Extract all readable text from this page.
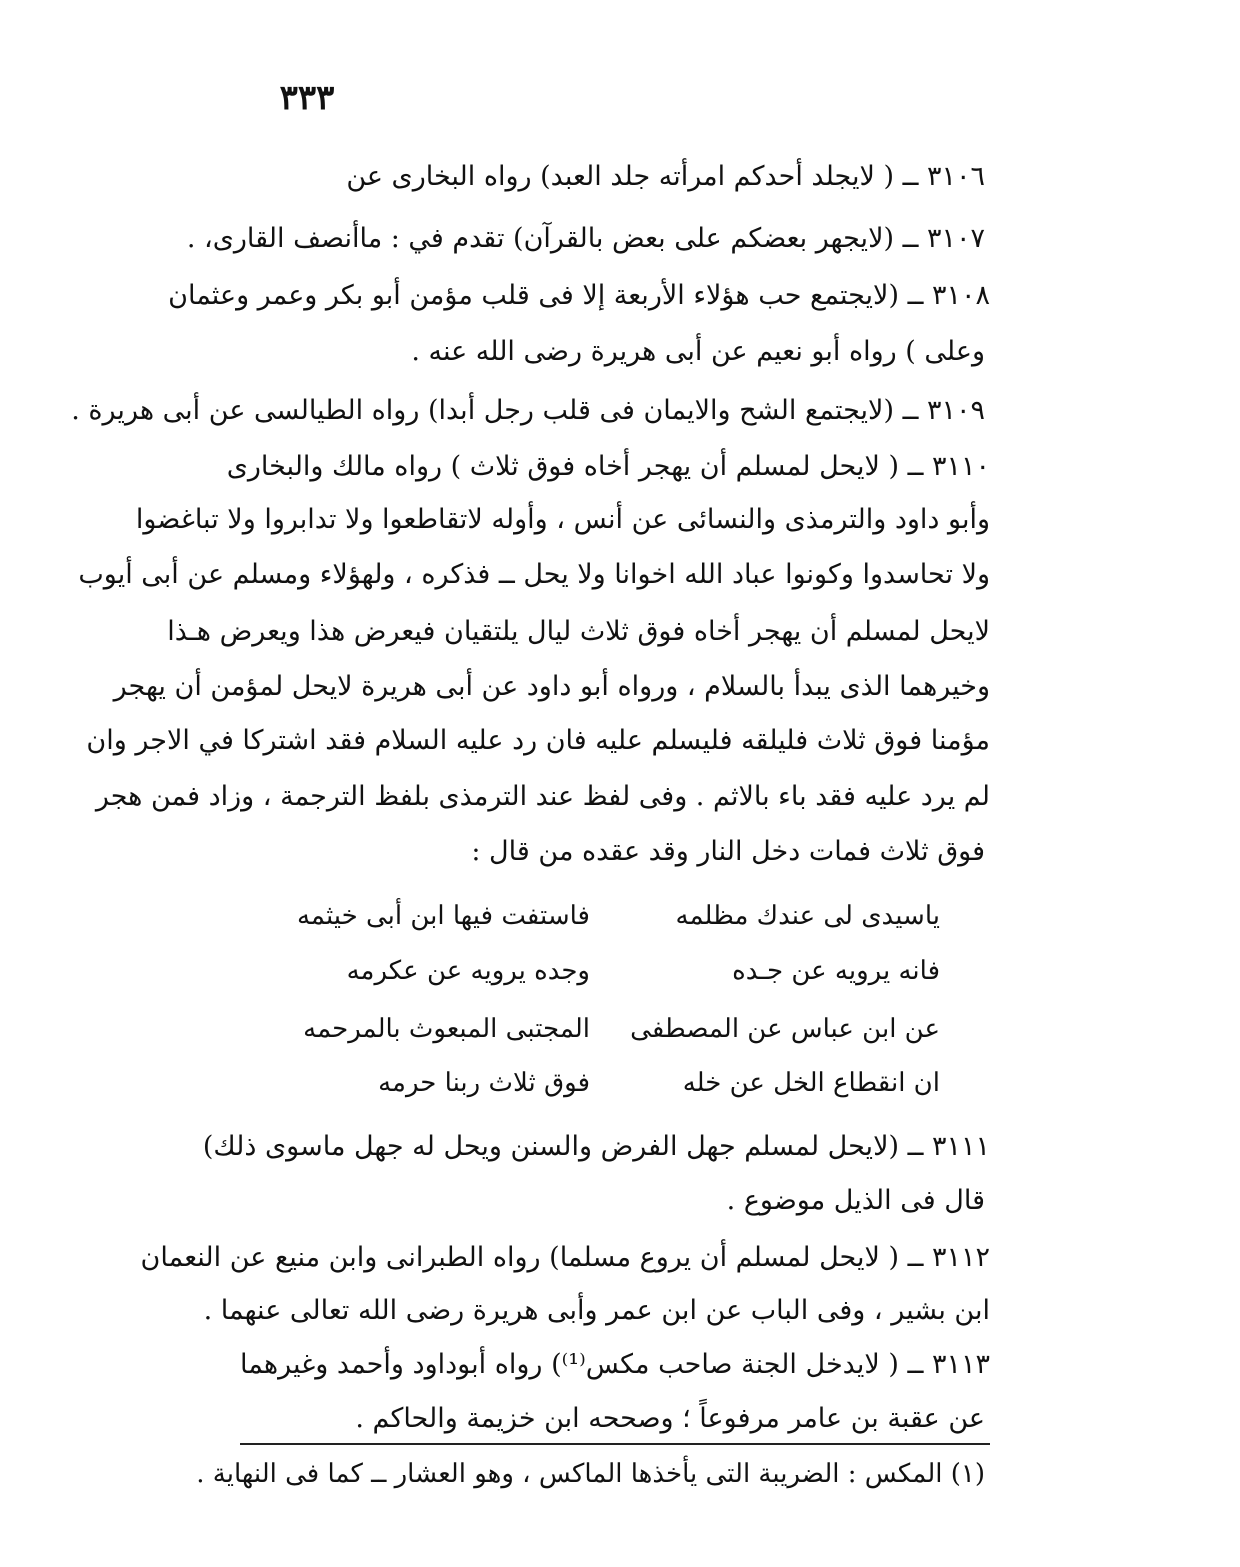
٣٣٣
٣١٠٦ ــ ( لايجلد أحدكم امرأته جلد العبد) رواه البخارى عن
٣١٠٧ ــ (لايجهر بعضكم على بعض بالقرآن) تقدم في : ماأنصف القارى، .
٣١٠٨ ــ (لايجتمع حب هؤلاء الأربعة إلا فى قلب مؤمن أبو بكر وعمر وعثمان
وعلى ) رواه أبو نعيم عن أبى هريرة رضى الله عنه .
٣١٠٩ ــ (لايجتمع الشح والايمان فى قلب رجل أبدا) رواه الطيالسى عن أبى هريرة .
٣١١٠ ــ ( لايحل لمسلم أن يهجر أخاه فوق ثلاث ) رواه مالك والبخارى
وأبو داود والترمذى والنسائى عن أنس ، وأوله لاتقاطعوا ولا تدابروا ولا تباغضوا
ولا تحاسدوا وكونوا عباد الله اخوانا ولا يحل ــ فذكره ، ولهؤلاء ومسلم عن أبى أيوب
لايحل لمسلم أن يهجر أخاه فوق ثلاث ليال يلتقيان فيعرض هذا ويعرض هـذا
وخيرهما الذى يبدأ بالسلام ، ورواه أبو داود عن أبى هريرة لايحل لمؤمن أن يهجر
مؤمنا فوق ثلاث فليلقه فليسلم عليه فان رد عليه السلام فقد اشتركا في الاجر وان
لم يرد عليه فقد باء بالاثم . وفى لفظ عند الترمذى بلفظ الترجمة ، وزاد فمن هجر
فوق ثلاث فمات دخل النار وقد عقده من قال :
ياسيدى لى عندك مظلمه
فاستفت فيها ابن أبى خيثمه
فانه يرويه عن جـده
وجده يرويه عن عكرمه
عن ابن عباس عن المصطفى
المجتبى المبعوث بالمرحمه
ان انقطاع الخل عن خله
فوق ثلاث ربنا حرمه
٣١١١ ــ (لايحل لمسلم جهل الفرض والسنن ويحل له جهل ماسوى ذلك)
قال فى الذيل موضوع .
٣١١٢ ــ ( لايحل لمسلم أن يروع مسلما) رواه الطبرانى وابن منيع عن النعمان
ابن بشير ، وفى الباب عن ابن عمر وأبى هريرة رضى الله تعالى عنهما .
٣١١٣ ــ ( لايدخل الجنة صاحب مكس⁽¹⁾) رواه أبوداود وأحمد وغيرهما
عن عقبة بن عامر مرفوعاً ؛ وصححه ابن خزيمة والحاكم .
(١) المكس : الضريبة التى يأخذها الماكس ، وهو العشار ــ كما فى النهاية .
